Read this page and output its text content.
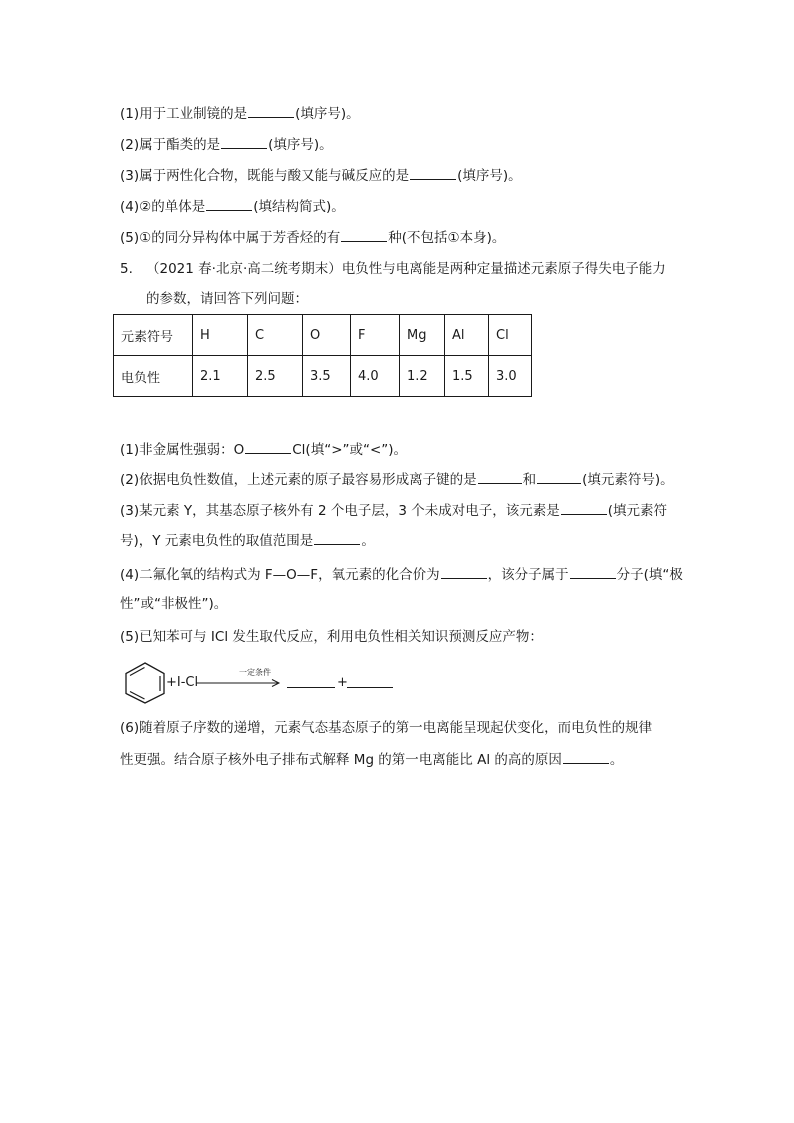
(1)用于工业制镜的是	(填序号)。
(2)属于酯类的是	(填序号)。
(3)属于两性化合物，既能与酸又能与碱反应的是	(填序号)。
(4)②的单体是	(填结构简式)。
(5)①的同分异构体中属于芳香烃的有	种(不包括①本身)。
5. （2021 春·北京·高二统考期末）电负性与电离能是两种定量描述元素原子得失电子能力
的参数，请回答下列问题：
元素符号	H	C	O	F	Mg	Al	Cl
电负性	2.1	2.5	3.5	4.0	1.2	1.5	3.0
(1)非金属性强弱：O	Cl(填“>”或“<”)。
(2)依据电负性数值，上述元素的原子最容易形成离子键的是	和	(填元素符号)。
(3)某元素 Y，其基态原子核外有 2 个电子层，3 个未成对电子，该元素是	(填元素符
号)，Y 元素电负性的取值范围是	。
(4)二氟化氧的结构式为 F—O—F，氧元素的化合价为	，该分子属于	分子(填“极
性”或“非极性”)。
(5)已知苯可与 ICl 发生取代反应，利用电负性相关知识预测反应产物：
+I-Cl
一定条件
+
(6)随着原子序数的递增，元素气态基态原子的第一电离能呈现起伏变化，而电负性的规律
性更强。结合原子核外电子排布式解释 Mg 的第一电离能比 Al 的高的原因	。
